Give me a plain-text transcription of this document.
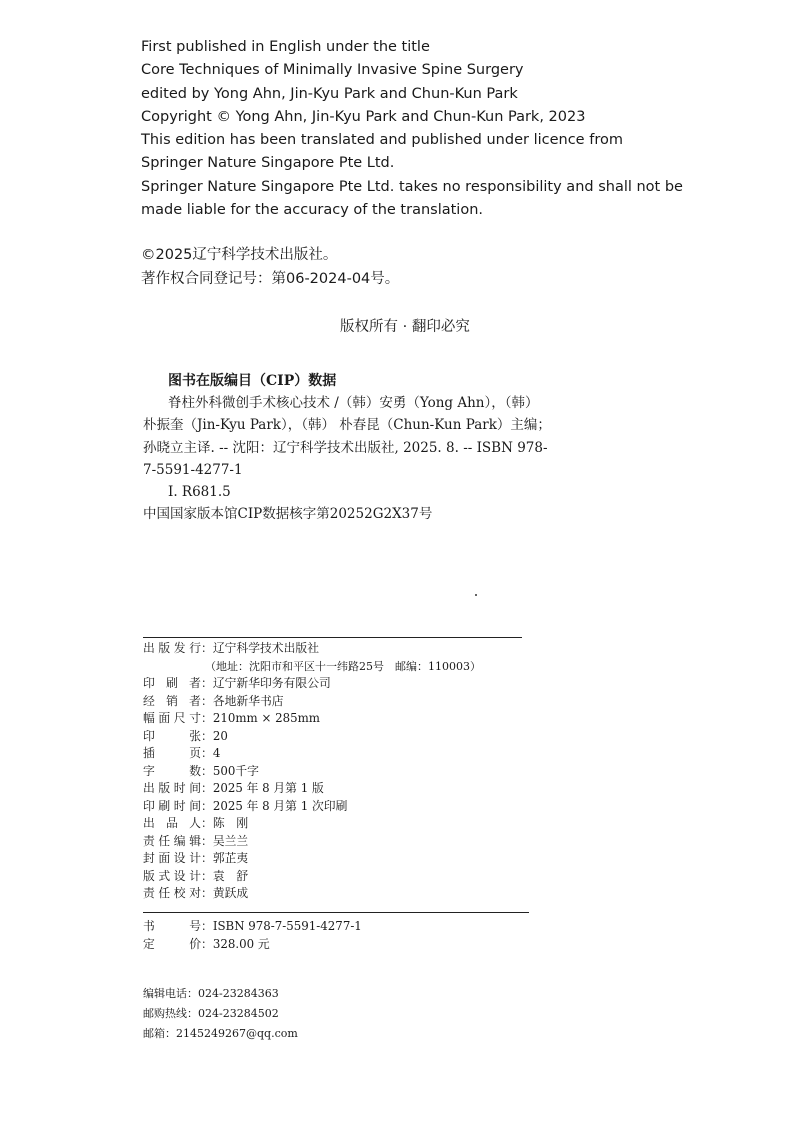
First published in English under the title
Core Techniques of Minimally Invasive Spine Surgery
edited by Yong Ahn, Jin-Kyu Park and Chun-Kun Park
Copyright © Yong Ahn, Jin-Kyu Park and Chun-Kun Park, 2023
This edition has been translated and published under licence from
Springer Nature Singapore Pte Ltd.
Springer Nature Singapore Pte Ltd. takes no responsibility and shall not be
made liable for the accuracy of the translation.
©2025辽宁科学技术出版社。
著作权合同登记号：第06-2024-04号。
版权所有 · 翻印必究
图书在版编目（CIP）数据
脊柱外科微创手术核心技术 /（韩）安勇（Yong Ahn），（韩）
朴振奎（Jin-Kyu Park），（韩） 朴春昆（Chun-Kun Park）主编；
孙晓立主译. -- 沈阳：辽宁科学技术出版社, 2025. 8. -- ISBN 978-
7-5591-4277-1
Ⅰ. R681.5
中国国家版本馆CIP数据核字第20252G2X37号
出版发行 ： 辽宁科学技术出版社
（地址：沈阳市和平区十一纬路25号　邮编：110003）
印 刷 者 ： 辽宁新华印务有限公司
经 销 者 ： 各地新华书店
幅面尺寸 ： 210mm × 285mm
印　　张 ： 20
插　　页 ： 4
字　　数 ： 500千字
出版时间 ： 2025 年 8 月第 1 版
印刷时间 ： 2025 年 8 月第 1 次印刷
出 品 人 ： 陈　刚
责任编辑 ： 吴兰兰
封面设计 ： 郭芷夷
版式设计 ： 袁　舒
责任校对 ： 黄跃成
书　　号 ： ISBN 978-7-5591-4277-1
定　　价 ： 328.00 元
编辑电话：024-23284363
邮购热线：024-23284502
邮箱：2145249267@qq.com
